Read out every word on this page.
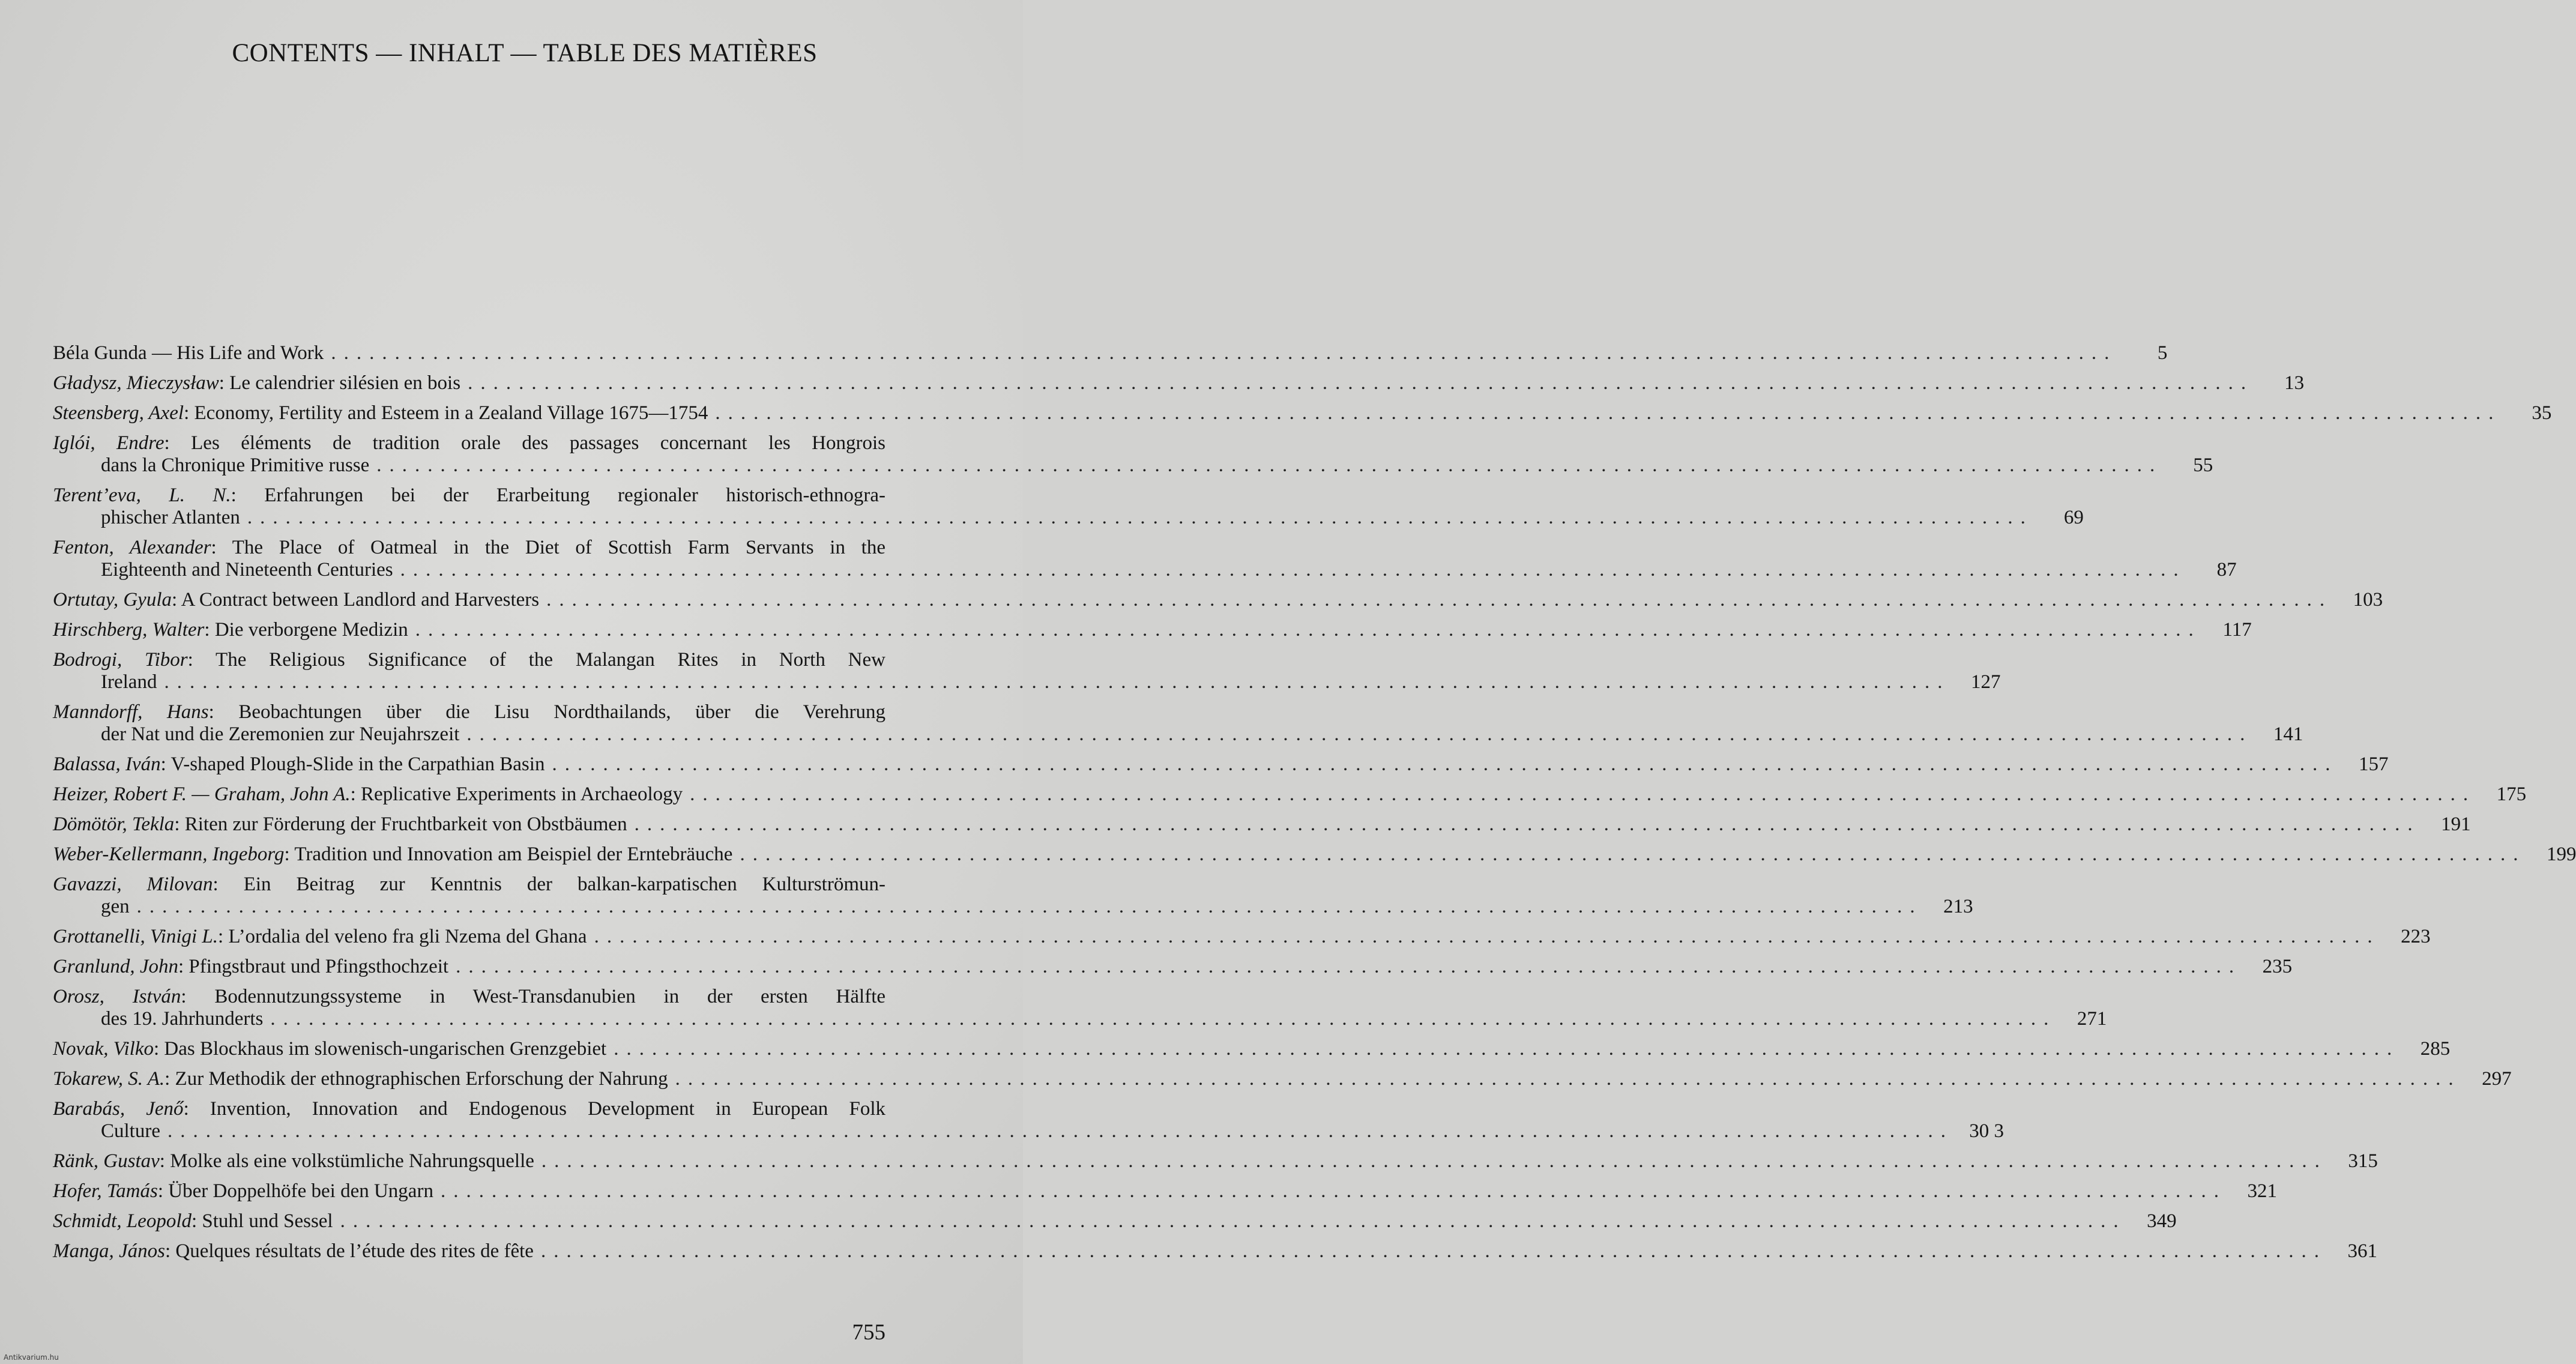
CONTENTS — INHALT — TABLE DES MATIÈRES
Béla Gunda — His Life and Work ............................................................................................................................................	5
Gładysz, Mieczysław: Le calendrier silésien en bois ............................................................................................................................................	13
Steensberg, Axel: Economy, Fertility and Esteem in a Zealand Village 1675—1754 ............................................................................................................................................	35
Iglói, Endre: Les éléments de tradition orale des passages concernant les Hongrois
dans la Chronique Primitive russe ............................................................................................................................................	55
Terent’eva, L. N.: Erfahrungen bei der Erarbeitung regionaler historisch-ethnogra-
phischer Atlanten ............................................................................................................................................	69
Fenton, Alexander: The Place of Oatmeal in the Diet of Scottish Farm Servants in the
Eighteenth and Nineteenth Centuries ............................................................................................................................................	87
Ortutay, Gyula: A Contract between Landlord and Harvesters ............................................................................................................................................	103
Hirschberg, Walter: Die verborgene Medizin ............................................................................................................................................	117
Bodrogi, Tibor: The Religious Significance of the Malangan Rites in North New
Ireland ............................................................................................................................................	127
Manndorff, Hans: Beobachtungen über die Lisu Nordthailands, über die Verehrung
der Nat und die Zeremonien zur Neujahrszeit ............................................................................................................................................	141
Balassa, Iván: V-shaped Plough-Slide in the Carpathian Basin ............................................................................................................................................	157
Heizer, Robert F. — Graham, John A.: Replicative Experiments in Archaeology ............................................................................................................................................	175
Dömötör, Tekla: Riten zur Förderung der Fruchtbarkeit von Obstbäumen ............................................................................................................................................	191
Weber-Kellermann, Ingeborg: Tradition und Innovation am Beispiel der Erntebräuche ............................................................................................................................................	199
Gavazzi, Milovan: Ein Beitrag zur Kenntnis der balkan-karpatischen Kulturströmun-
gen ............................................................................................................................................	213
Grottanelli, Vinigi L.: L’ordalia del veleno fra gli Nzema del Ghana ............................................................................................................................................	223
Granlund, John: Pfingstbraut und Pfingsthochzeit ............................................................................................................................................	235
Orosz, István: Bodennutzungssysteme in West-Transdanubien in der ersten Hälfte
des 19. Jahrhunderts ............................................................................................................................................	271
Novak, Vilko: Das Blockhaus im slowenisch-ungarischen Grenzgebiet ............................................................................................................................................	285
Tokarew, S. A.: Zur Methodik der ethnographischen Erforschung der Nahrung ............................................................................................................................................	297
Barabás, Jenő: Invention, Innovation and Endogenous Development in European Folk
Culture ............................................................................................................................................ 30 3
Ränk, Gustav: Molke als eine volkstümliche Nahrungsquelle ............................................................................................................................................	315
Hofer, Tamás: Über Doppelhöfe bei den Ungarn ............................................................................................................................................	321
Schmidt, Leopold: Stuhl und Sessel ............................................................................................................................................	349
Manga, János: Quelques résultats de l’étude des rites de fête ............................................................................................................................................	361
755
Antikvarium.hu
